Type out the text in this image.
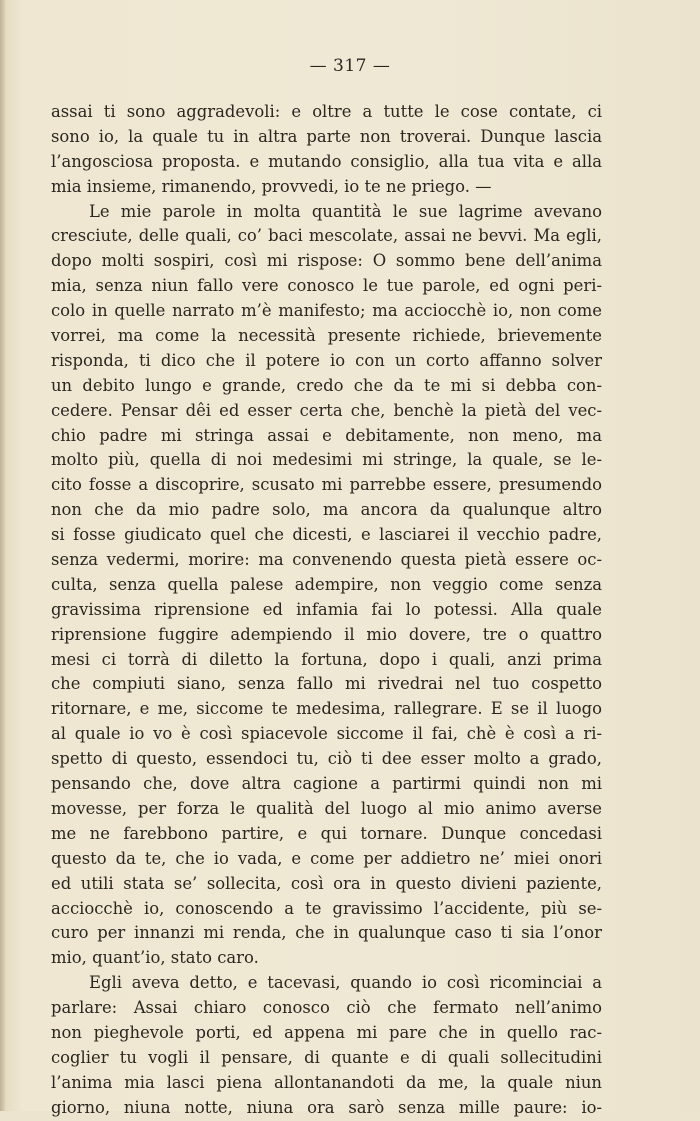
— 317 —
assai ti sono aggradevoli: e oltre a tutte le cose contate, ci
sono io, la quale tu in altra parte non troverai. Dunque lascia
l’angosciosa proposta. e mutando consiglio, alla tua vita e alla
mia insieme, rimanendo, provvedi, io te ne priego. —
Le mie parole in molta quantità le sue lagrime avevano
cresciute, delle quali, co’ baci mescolate, assai ne bevvi. Ma egli,
dopo molti sospiri, così mi rispose: O sommo bene dell’anima
mia, senza niun fallo vere conosco le tue parole, ed ogni peri-
colo in quelle narrato m’è manifesto; ma acciocchè io, non come
vorrei, ma come la necessità presente richiede, brievemente
risponda, ti dico che il potere io con un corto affanno solver
un debito lungo e grande, credo che da te mi si debba con-
cedere. Pensar dêi ed esser certa che, benchè la pietà del vec-
chio padre mi stringa assai e debitamente, non meno, ma
molto più, quella di noi medesimi mi stringe, la quale, se le-
cito fosse a discoprire, scusato mi parrebbe essere, presumendo
non che da mio padre solo, ma ancora da qualunque altro
si fosse giudicato quel che dicesti, e lasciarei il vecchio padre,
senza vedermi, morire: ma convenendo questa pietà essere oc-
culta, senza quella palese adempire, non veggio come senza
gravissima riprensione ed infamia fai lo potessi. Alla quale
riprensione fuggire adempiendo il mio dovere, tre o quattro
mesi ci torrà di diletto la fortuna, dopo i quali, anzi prima
che compiuti siano, senza fallo mi rivedrai nel tuo cospetto
ritornare, e me, siccome te medesima, rallegrare. E se il luogo
al quale io vo è così spiacevole siccome il fai, chè è così a ri-
spetto di questo, essendoci tu, ciò ti dee esser molto a grado,
pensando che, dove altra cagione a partirmi quindi non mi
movesse, per forza le qualità del luogo al mio animo averse
me ne farebbono partire, e qui tornare. Dunque concedasi
questo da te, che io vada, e come per addietro ne’ miei onori
ed utili stata se’ sollecita, così ora in questo divieni paziente,
acciocchè io, conoscendo a te gravissimo l’accidente, più se-
curo per innanzi mi renda, che in qualunque caso ti sia l’onor
mio, quant’io, stato caro.
Egli aveva detto, e tacevasi, quando io così ricominciai a
parlare: Assai chiaro conosco ciò che fermato nell’animo
non pieghevole porti, ed appena mi pare che in quello rac-
coglier tu vogli il pensare, di quante e di quali sollecitudini
l’anima mia lasci piena allontanandoti da me, la quale niun
giorno, niuna notte, niuna ora sarò senza mille paure: io-
